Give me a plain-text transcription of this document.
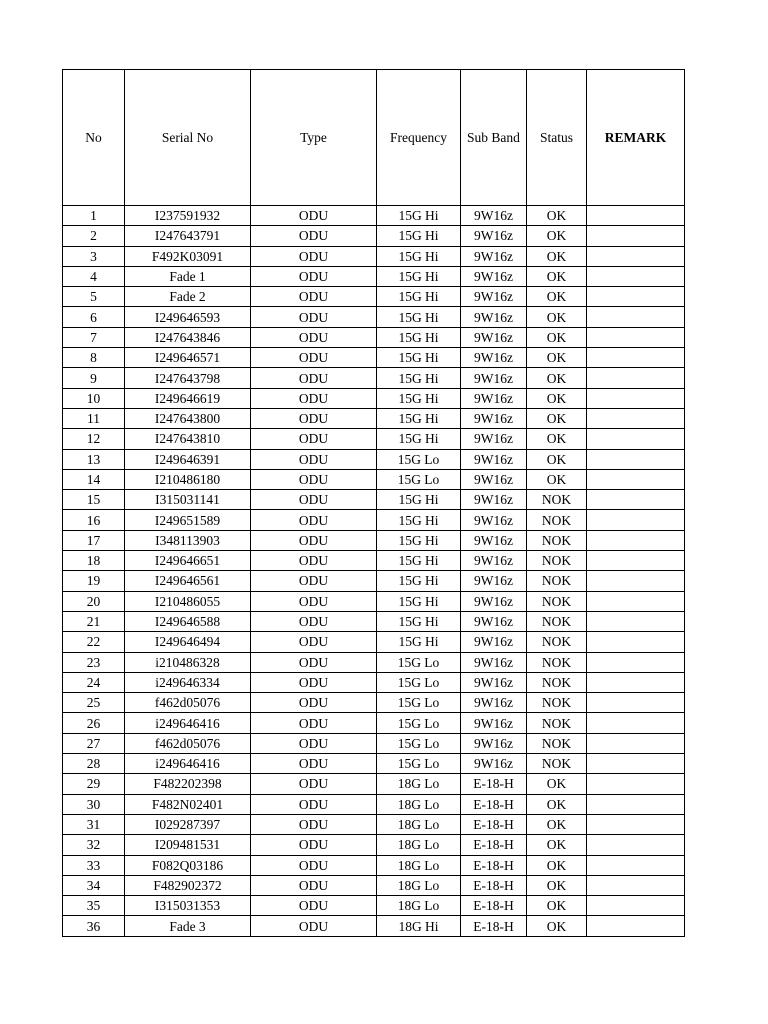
No	Serial No	Type	Frequency	Sub Band	Status	REMARK
1	I237591932	ODU	15G Hi	9W16z	OK	
2	I247643791	ODU	15G Hi	9W16z	OK	
3	F492K03091	ODU	15G Hi	9W16z	OK	
4	Fade 1	ODU	15G Hi	9W16z	OK	
5	Fade 2	ODU	15G Hi	9W16z	OK	
6	I249646593	ODU	15G Hi	9W16z	OK	
7	I247643846	ODU	15G Hi	9W16z	OK	
8	I249646571	ODU	15G Hi	9W16z	OK	
9	I247643798	ODU	15G Hi	9W16z	OK	
10	I249646619	ODU	15G Hi	9W16z	OK	
11	I247643800	ODU	15G Hi	9W16z	OK	
12	I247643810	ODU	15G Hi	9W16z	OK	
13	I249646391	ODU	15G Lo	9W16z	OK	
14	I210486180	ODU	15G Lo	9W16z	OK	
15	I315031141	ODU	15G Hi	9W16z	NOK	
16	I249651589	ODU	15G Hi	9W16z	NOK	
17	I348113903	ODU	15G Hi	9W16z	NOK	
18	I249646651	ODU	15G Hi	9W16z	NOK	
19	I249646561	ODU	15G Hi	9W16z	NOK	
20	I210486055	ODU	15G Hi	9W16z	NOK	
21	I249646588	ODU	15G Hi	9W16z	NOK	
22	I249646494	ODU	15G Hi	9W16z	NOK	
23	i210486328	ODU	15G Lo	9W16z	NOK	
24	i249646334	ODU	15G Lo	9W16z	NOK	
25	f462d05076	ODU	15G Lo	9W16z	NOK	
26	i249646416	ODU	15G Lo	9W16z	NOK	
27	f462d05076	ODU	15G Lo	9W16z	NOK	
28	i249646416	ODU	15G Lo	9W16z	NOK	
29	F482202398	ODU	18G Lo	E-18-H	OK	
30	F482N02401	ODU	18G Lo	E-18-H	OK	
31	I029287397	ODU	18G Lo	E-18-H	OK	
32	I209481531	ODU	18G Lo	E-18-H	OK	
33	F082Q03186	ODU	18G Lo	E-18-H	OK	
34	F482902372	ODU	18G Lo	E-18-H	OK	
35	I315031353	ODU	18G Lo	E-18-H	OK	
36	Fade 3	ODU	18G Hi	E-18-H	OK	
